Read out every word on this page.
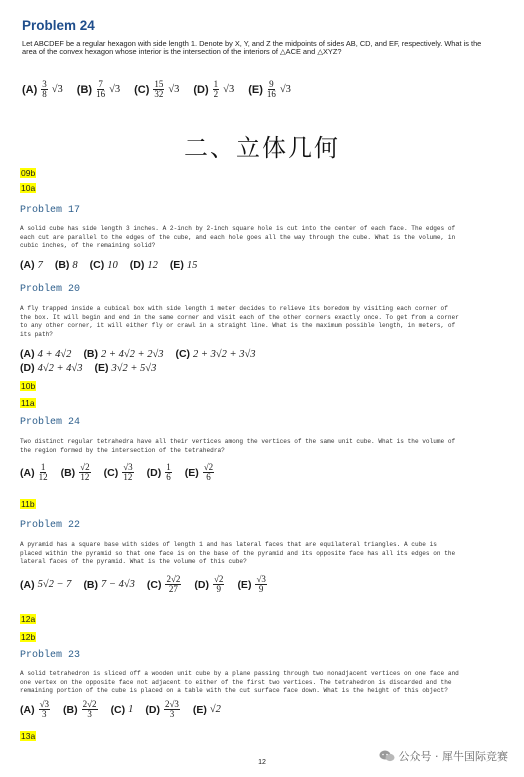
Problem 24
Let ABCDEF be a regular hexagon with side length 1. Denote by X, Y, and Z the midpoints of sides AB, CD, and EF, respectively. What is the area of the convex hexagon whose interior is the intersection of the interiors of △ACE and △XYZ?
$(A) \frac{3}{8}$ √ 3 $(B) \frac{7}{16}$ √ 3 $(C) \frac{15}{32}$ √ 3 $(D) \frac{1}{2}$ √ 3 $(E) \frac{9}{16}$ √ 3
二、立体几何
09b
10a
Problem 17
A solid cube has side length 3 inches. A 2-inch by 2-inch square hole is cut into the center of each face. The edges of each cut are parallel to the edges of the cube, and each hole goes all the way through the cube. What is the volume, in cubic inches, of the remaining solid?
(A) 7 (B) 8 (C) 10 (D) 12 (E) 15
Problem 20
A fly trapped inside a cubical box with side length 1 meter decides to relieve its boredom by visiting each corner of the box. It will begin and end in the same corner and visit each of the other corners exactly once. To get from a corner to any other corner, it will either fly or crawl in a straight line. What is the maximum possible length, in meters, of its path?
(A) 4 + 4√2 (B) 2 + 4√2 + 2√3 (C) 2 + 3√2 + 3√3
(D) 4√2 + 4√3 (E) 3√2 + 5√3
10b
11a
Problem 24
Two distinct regular tetrahedra have all their vertices among the vertices of the same unit cube. What is the volume of the region formed by the intersection of the tetrahedra?
$(A) \frac{1}{12} (B) \frac{√2}{12} (C) \frac{√3}{12} (D) \frac{1}{6} (E) \frac{√2}{6}$
11b
Problem 22
A pyramid has a square base with sides of length 1 and has lateral faces that are equilateral triangles. A cube is placed within the pyramid so that one face is on the base of the pyramid and its opposite face has all its edges on the lateral faces of the pyramid. What is the volume of this cube?
(A) 5√2 − 7 (B) 7 − 4√3 $(C) \frac{2√2}{27} (D) \frac{√2}{9} (E) \frac{√3}{9}$
12a
12b
Problem 23
A solid tetrahedron is sliced off a wooden unit cube by a plane passing through two nonadjacent vertices on one face and one vertex on the opposite face not adjacent to either of the first two vertices. The tetrahedron is discarded and the remaining portion of the cube is placed on a table with the cut surface face down. What is the height of this object?
$(A) \frac{√3}{3} (B) \frac{2√2}{3} (C)$ 1 $(D) \frac{2√3}{3} (E)$ √2
13a
12	公众号 · 犀牛国际竞赛
